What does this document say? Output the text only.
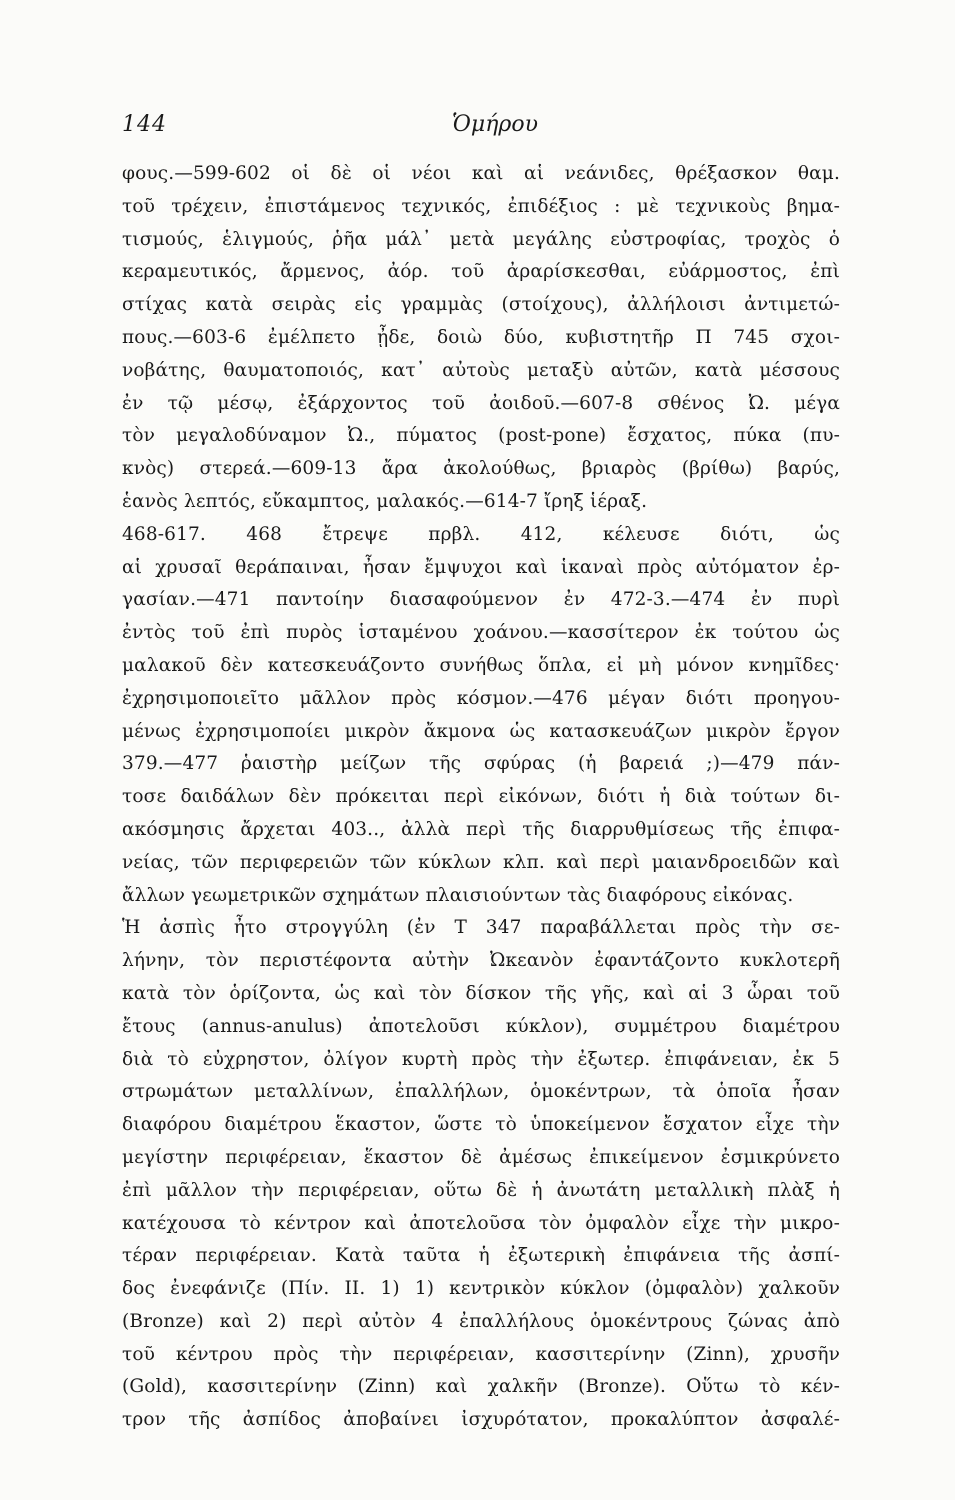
144	Ὁμήρου
φους.—599-602 οἱ δὲ οἱ νέοι καὶ αἱ νεάνιδες, θρέξασκον θαμ.
τοῦ τρέχειν, ἐπιστάμενος τεχνικός, ἐπιδέξιος : μὲ τεχνικοὺς βημα-
τισμούς, ἑλιγμούς, ῥῆα μάλ᾽ μετὰ μεγάλης εὐστροφίας, τροχὸς ὁ
κεραμευτικός, ἄρμενος, ἀόρ. τοῦ ἀραρίσκεσθαι, εὐάρμοστος, ἐπὶ
στίχας κατὰ σειρὰς εἰς γραμμὰς (στοίχους), ἀλλήλοισι ἀντιμετώ-
πους.—603-6 ἐμέλπετο ᾖδε, δοιὼ δύο, κυβιστητῆρ Π 745 σχοι-
νοβάτης, θαυματοποιός, κατ᾽ αὐτοὺς μεταξὺ αὐτῶν, κατὰ μέσσους
ἐν τῷ μέσῳ, ἐξάρχοντος τοῦ ἀοιδοῦ.—607-8 σθένος Ὠ. μέγα
τὸν μεγαλοδύναμον Ὠ., πύματος (post-pone) ἔσχατος, πύκα (πυ-
κνὸς) στερεά.—609-13 ἄρα ἀκολούθως, βριαρὸς (βρίθω) βαρύς,
ἑανὸς λεπτός, εὔκαμπτος, μαλακός.—614-7 ἴρηξ ἱέραξ.
468-617. 468 ἔτρεψε πρβλ. 412, κέλευσε διότι, ὡς
αἱ χρυσαῖ θεράπαιναι, ἦσαν ἔμψυχοι καὶ ἱκαναὶ πρὸς αὐτόματον ἐρ-
γασίαν.—471 παντοίην διασαφούμενον ἐν 472-3.—474 ἐν πυρὶ
ἐντὸς τοῦ ἐπὶ πυρὸς ἱσταμένου χοάνου.—κασσίτερον ἐκ τούτου ὡς
μαλακοῦ δὲν κατεσκευάζοντο συνήθως ὅπλα, εἰ μὴ μόνον κνημῖδες·
ἐχρησιμοποιεῖτο μᾶλλον πρὸς κόσμον.—476 μέγαν διότι προηγου-
μένως ἐχρησιμοποίει μικρὸν ἄκμονα ὡς κατασκευάζων μικρὸν ἔργον
379.—477 ῥαιστὴρ μείζων τῆς σφύρας (ἡ βαρειά ;)—479 πάν-
τοσε δαιδάλων δὲν πρόκειται περὶ εἰκόνων, διότι ἡ διὰ τούτων δι-
ακόσμησις ἄρχεται 403.., ἀλλὰ περὶ τῆς διαρρυθμίσεως τῆς ἐπιφα-
νείας, τῶν περιφερειῶν τῶν κύκλων κλπ. καὶ περὶ μαιανδροειδῶν καὶ
ἄλλων γεωμετρικῶν σχημάτων πλαισιούντων τὰς διαφόρους εἰκόνας.
Ἡ ἀσπὶς ἦτο στρογγύλη (ἐν Τ 347 παραβάλλεται πρὸς τὴν σε-
λήνην, τὸν περιστέφοντα αὐτὴν Ὠκεανὸν ἐφαντάζοντο κυκλοτερῆ
κατὰ τὸν ὁρίζοντα, ὡς καὶ τὸν δίσκον τῆς γῆς, καὶ αἱ 3 ὧραι τοῦ
ἔτους (annus-anulus) ἀποτελοῦσι κύκλον), συμμέτρου διαμέτρου
διὰ τὸ εὐχρηστον, ὀλίγον κυρτὴ πρὸς τὴν ἐξωτερ. ἐπιφάνειαν, ἐκ 5
στρωμάτων μεταλλίνων, ἐπαλλήλων, ὁμοκέντρων, τὰ ὁποῖα ἦσαν
διαφόρου διαμέτρου ἕκαστον, ὥστε τὸ ὑποκείμενον ἔσχατον εἶχε τὴν
μεγίστην περιφέρειαν, ἕκαστον δὲ ἀμέσως ἐπικείμενον ἐσμικρύνετο
ἐπὶ μᾶλλον τὴν περιφέρειαν, οὕτω δὲ ἡ ἀνωτάτη μεταλλικὴ πλὰξ ἡ
κατέχουσα τὸ κέντρον καὶ ἀποτελοῦσα τὸν ὀμφαλὸν εἶχε τὴν μικρο-
τέραν περιφέρειαν. Κατὰ ταῦτα ἡ ἐξωτερικὴ ἐπιφάνεια τῆς ἀσπί-
δος ἐνεφάνιζε (Πίν. ΙΙ. 1) 1) κεντρικὸν κύκλον (ὀμφαλὸν) χαλκοῦν
(Bronze) καὶ 2) περὶ αὐτὸν 4 ἐπαλλήλους ὁμοκέντρους ζώνας ἀπὸ
τοῦ κέντρου πρὸς τὴν περιφέρειαν, κασσιτερίνην (Zinn), χρυσῆν
(Gold), κασσιτερίνην (Zinn) καὶ χαλκῆν (Bronze). Οὕτω τὸ κέν-
τρον τῆς ἀσπίδος ἀποβαίνει ἰσχυρότατον, προκαλύπτον ἀσφαλέ-
